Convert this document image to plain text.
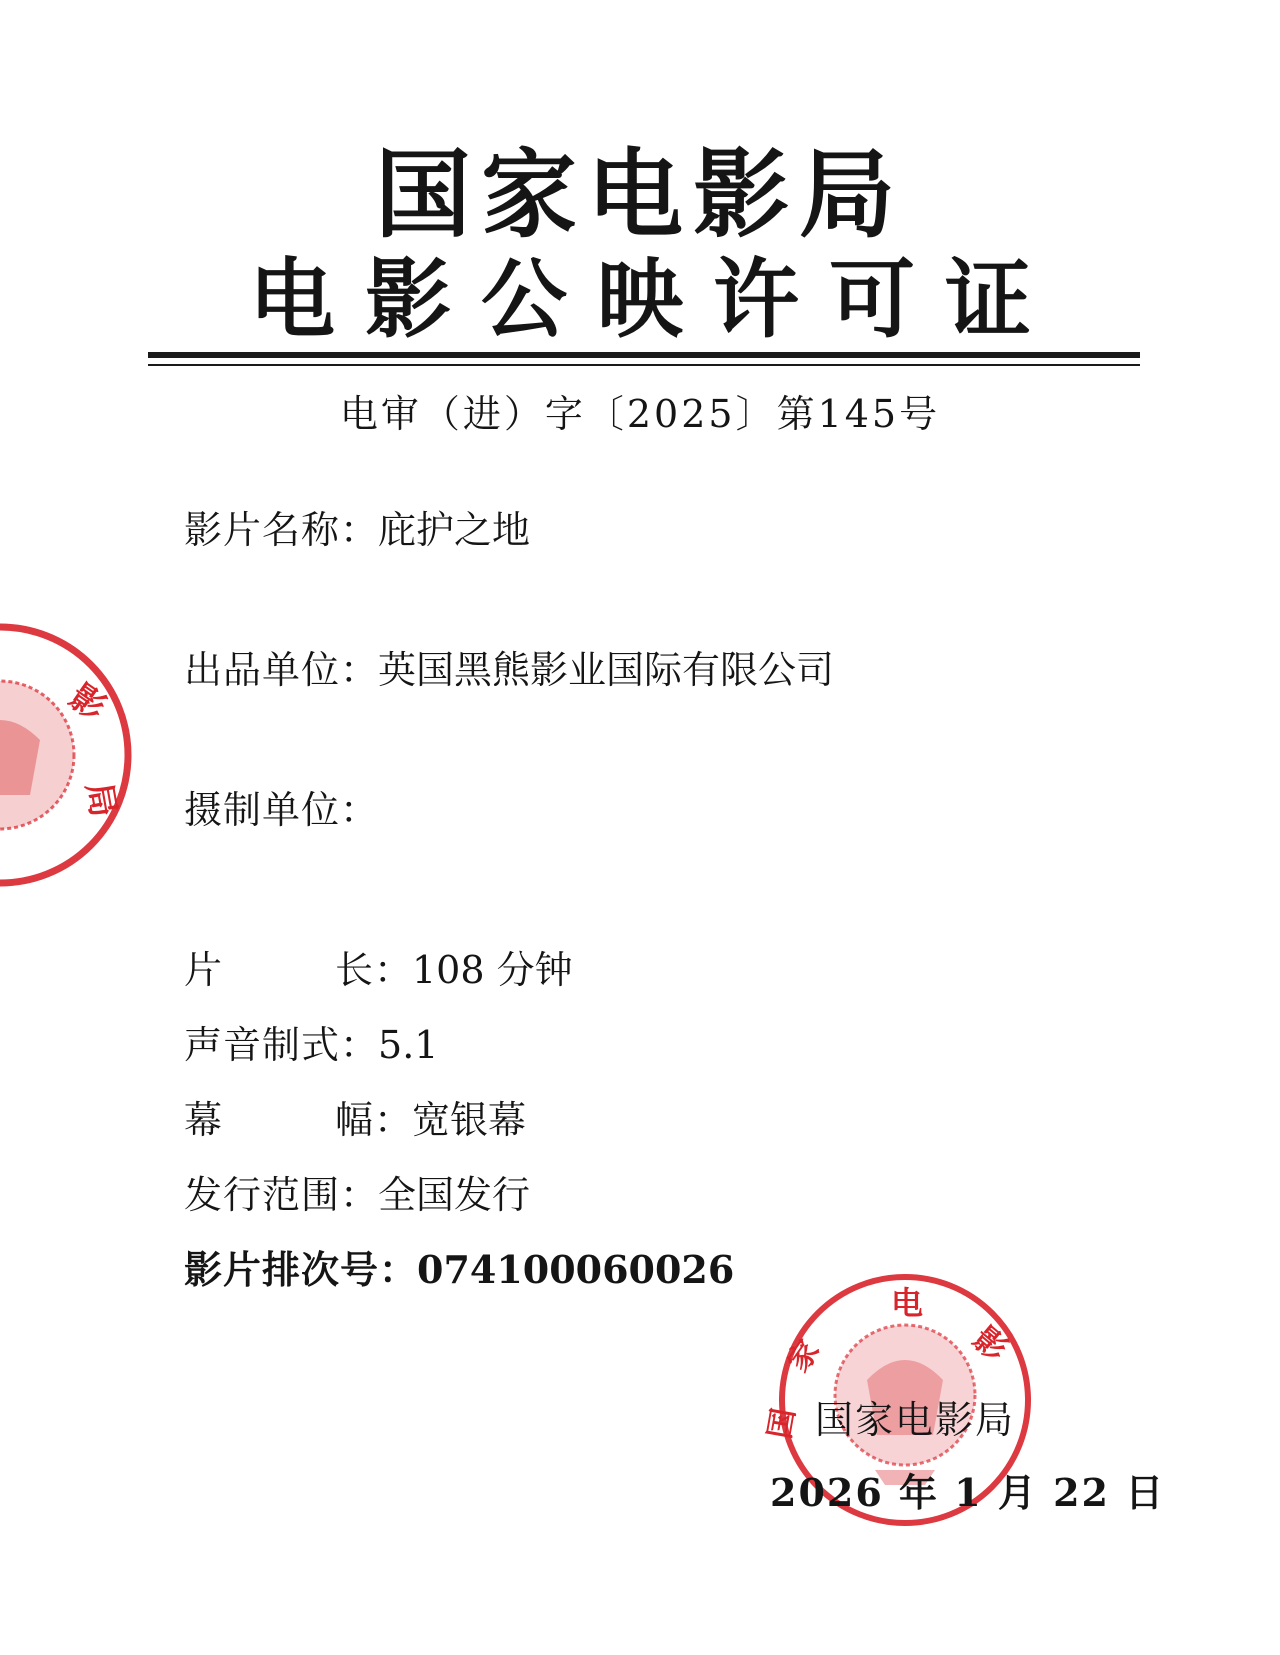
国家电影局
电影公映许可证
电审（进）字〔2025〕第145号
影片名称：庇护之地
出品单位：英国黑熊影业国际有限公司
摄制单位：
片	长 ：108 分钟
声音制式：5.1
幕	幅 ：宽银幕
发行范围：全国发行
影片排次号：074100060026
影
局
电
影
家
国 国家电影局
2026 年 1 月 22 日
